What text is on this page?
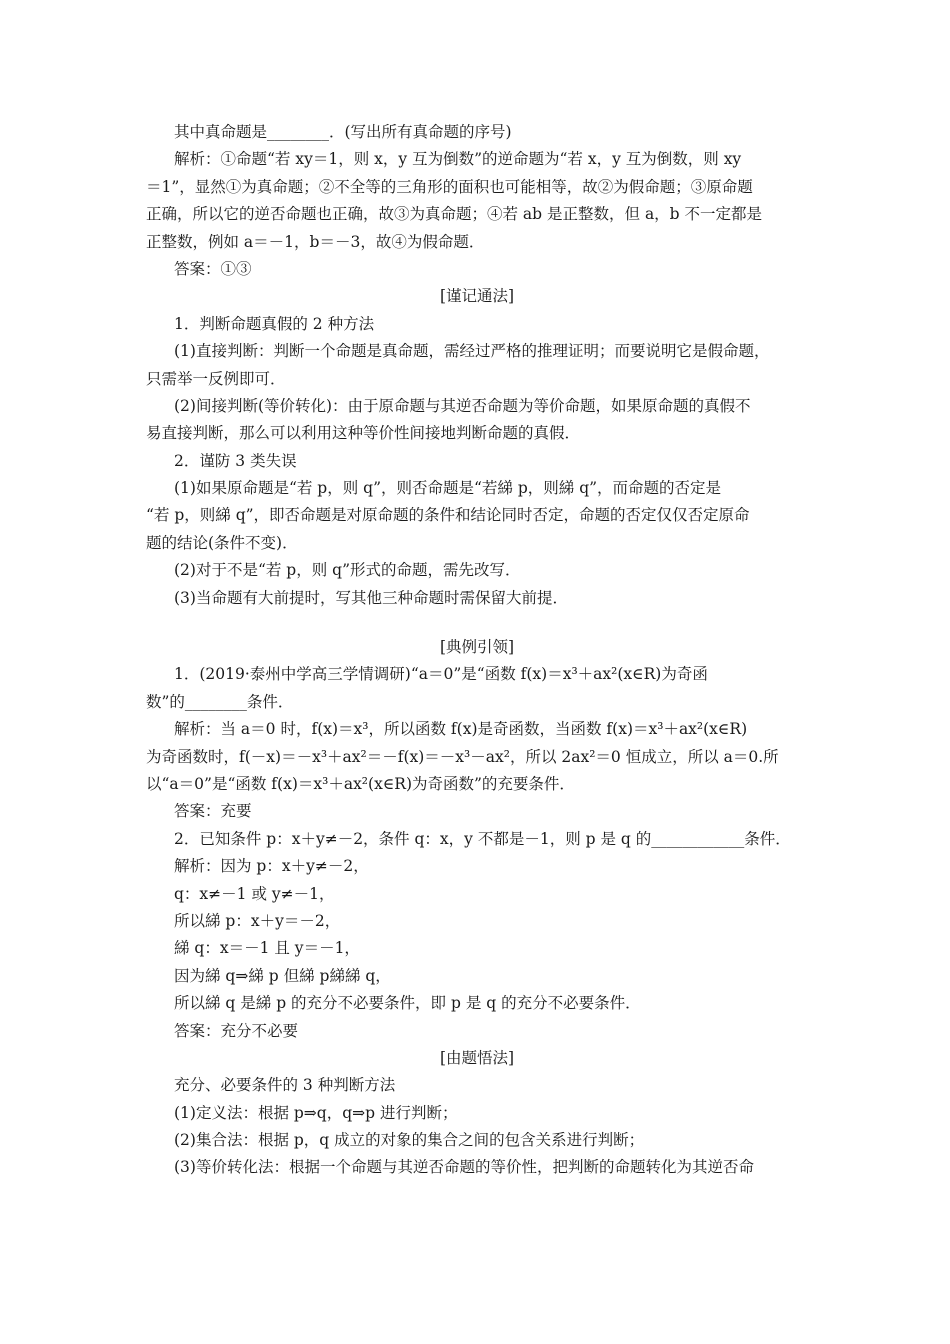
其中真命题是________．(写出所有真命题的序号)
解析：①命题“若 xy＝1，则 x，y 互为倒数”的逆命题为“若 x，y 互为倒数，则 xy
＝1”，显然①为真命题；②不全等的三角形的面积也可能相等，故②为假命题；③原命题
正确，所以它的逆否命题也正确，故③为真命题；④若 ab 是正整数，但 a，b 不一定都是
正整数，例如 a＝－1，b＝－3，故④为假命题．
答案：①③
[谨记通法]
1．判断命题真假的 2 种方法
(1)直接判断：判断一个命题是真命题，需经过严格的推理证明；而要说明它是假命题，
只需举一反例即可．
(2)间接判断(等价转化)：由于原命题与其逆否命题为等价命题，如果原命题的真假不
易直接判断，那么可以利用这种等价性间接地判断命题的真假．
2．谨防 3 类失误
(1)如果原命题是“若 p，则 q”，则否命题是“若綈 p，则綈 q”，而命题的否定是
“若 p，则綈 q”，即否命题是对原命题的条件和结论同时否定，命题的否定仅仅否定原命
题的结论(条件不变)．
(2)对于不是“若 p，则 q”形式的命题，需先改写．
(3)当命题有大前提时，写其他三种命题时需保留大前提．
[典例引领]
1．(2019·泰州中学高三学情调研)“a＝0”是“函数 f(x)＝x³＋ax²(x∈R)为奇函
数”的________条件．
解析：当 a＝0 时，f(x)＝x³，所以函数 f(x)是奇函数，当函数 f(x)＝x³＋ax²(x∈R)
为奇函数时，f(－x)＝－x³＋ax²＝－f(x)＝－x³－ax²，所以 2ax²＝0 恒成立，所以 a＝0.所
以“a＝0”是“函数 f(x)＝x³＋ax²(x∈R)为奇函数”的充要条件．
答案：充要
2．已知条件 p：x＋y≠－2，条件 q：x，y 不都是－1，则 p 是 q 的____________条件．
解析：因为 p：x＋y≠－2，
q：x≠－1 或 y≠－1，
所以綈 p：x＋y＝－2，
綈 q：x＝－1 且 y＝－1，
因为綈 q⇒綈 p 但綈 p綈綈 q，
所以綈 q 是綈 p 的充分不必要条件，即 p 是 q 的充分不必要条件．
答案：充分不必要
[由题悟法]
充分、必要条件的 3 种判断方法
(1)定义法：根据 p⇒q，q⇒p 进行判断；
(2)集合法：根据 p，q 成立的对象的集合之间的包含关系进行判断；
(3)等价转化法：根据一个命题与其逆否命题的等价性，把判断的命题转化为其逆否命
